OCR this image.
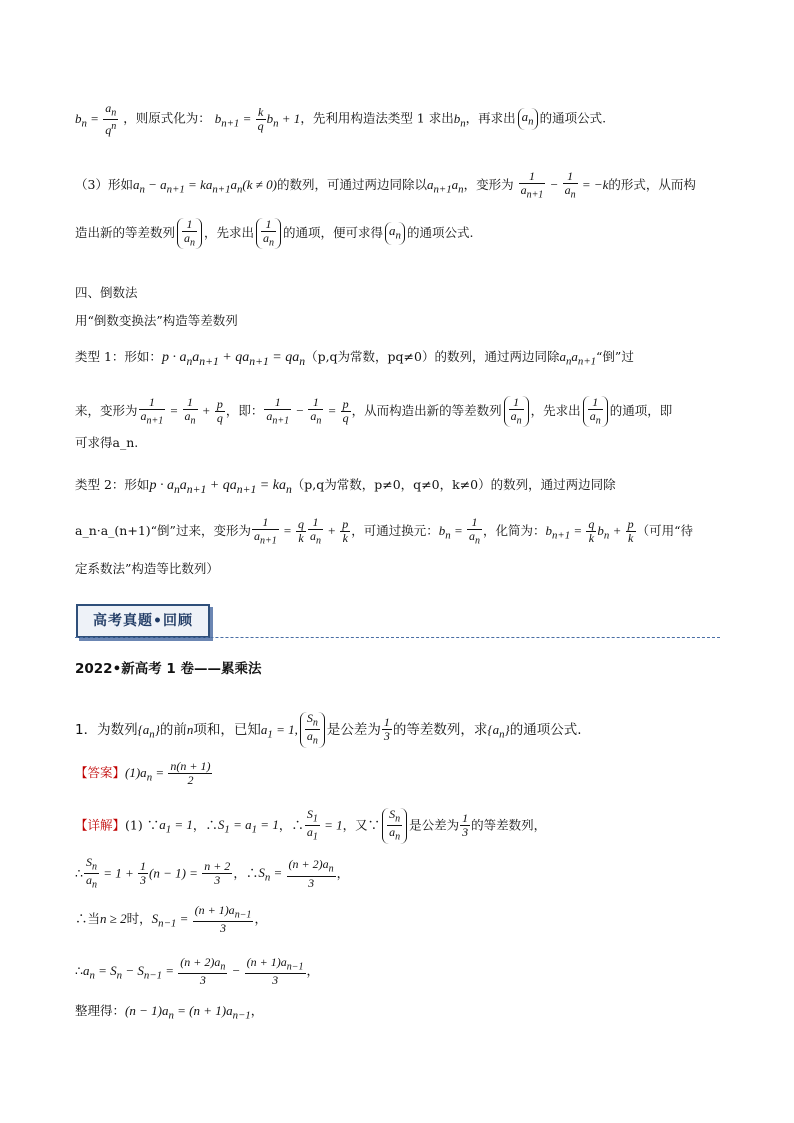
$b_n = \frac{a_n}{q^n}$ ，则原式化为： $b_{n+1} = \frac{k}{q} b_n + 1$，先利用构造法类型 1 求出$b_n$，再求出 $a_n$ 的通项公式.
（3）形如$a_n - a_{n+1} = ka_{n+1}a_n(k \ne 0)$的数列，可通过两边同除以$a_{n+1}a_n$，变形为 $\frac{1}{a_{n+1}} - \frac{1}{a_n} = -k$的形式，从而构
造出新的等差数列 $\frac{1}{a_n}$ ，先求出 $\frac{1}{a_n}$ 的通项，便可求得 $a_n$ 的通项公式.
四、倒数法
用“倒数变换法”构造等差数列
类型 1：形如：$p \cdot a_na_{n+1} + qa_{n+1} = qa_n(p,q$为常数，pq≠0）的数列，通过两边同除$a_na_{n+1}“$倒”过
来，变形为 $\frac{1}{a_{n+1}} = \frac{1}{a_n} + \frac{p}{q}$ ，即： $\frac{1}{a_{n+1}} - \frac{1}{a_n} = \frac{p}{q}$ ，从而构造出新的等差数列 $\frac{1}{a_n}$ ，先求出 $\frac{1}{a_n}$ 的通项，即
可求得a_n.
类型 2：形如$p \cdot a_na_{n+1} + qa_{n+1} = ka_n(p,q$为常数，p≠0，q≠0，k≠0）的数列，通过两边同除
a_n·a_(n+1)“倒”过来，变形为 $\frac{1}{a_{n+1}} = \frac{q}{k} \frac{1}{a_n} + \frac{p}{k}$ ，可通过换元：$b_n = \frac{1}{a_n}$ ，化简为：$b_{n+1} = \frac{q}{k} b_n + \frac{p}{k}$ （可用“待
定系数法”构造等比数列）
高考真题•回顾
2022•新高考 1 卷——累乘法
1．为数列$\{a_n\}$的前n项和，已知$a_1 = 1$, $\frac{S_n}{a_n}$ 是公差为 $\frac{1}{3}$ 的等差数列，求$\{a_n\}$的通项公式.
【答案】$(1)a_n = \frac{n(n + 1)}{2}$
【详解】(1) $\because a_1 = 1$，$\therefore S_1 = a_1 = 1$，∴ $\frac{S_1}{a_1} = 1$，又∵ $\frac{S_n}{a_n}$ 是公差为 $\frac{1}{3}$ 的等差数列，
∴ $\frac{S_n}{a_n} = 1 + \frac{1}{3} (n - 1) = \frac{n + 2}{3}$ ，$\therefore S_n = \frac{(n + 2)a_n}{3}$ ，
∴当n ≥ 2时，$S_{n-1} = \frac{(n + 1)a_{n-1}}{3}$ ，
$\therefore a_n = S_n - S_{n-1} = \frac{(n + 2)a_n}{3} - \frac{(n + 1)a_{n-1}}{3}$ ，
整理得：$(n - 1)a_n = (n + 1)a_{n-1}$，
